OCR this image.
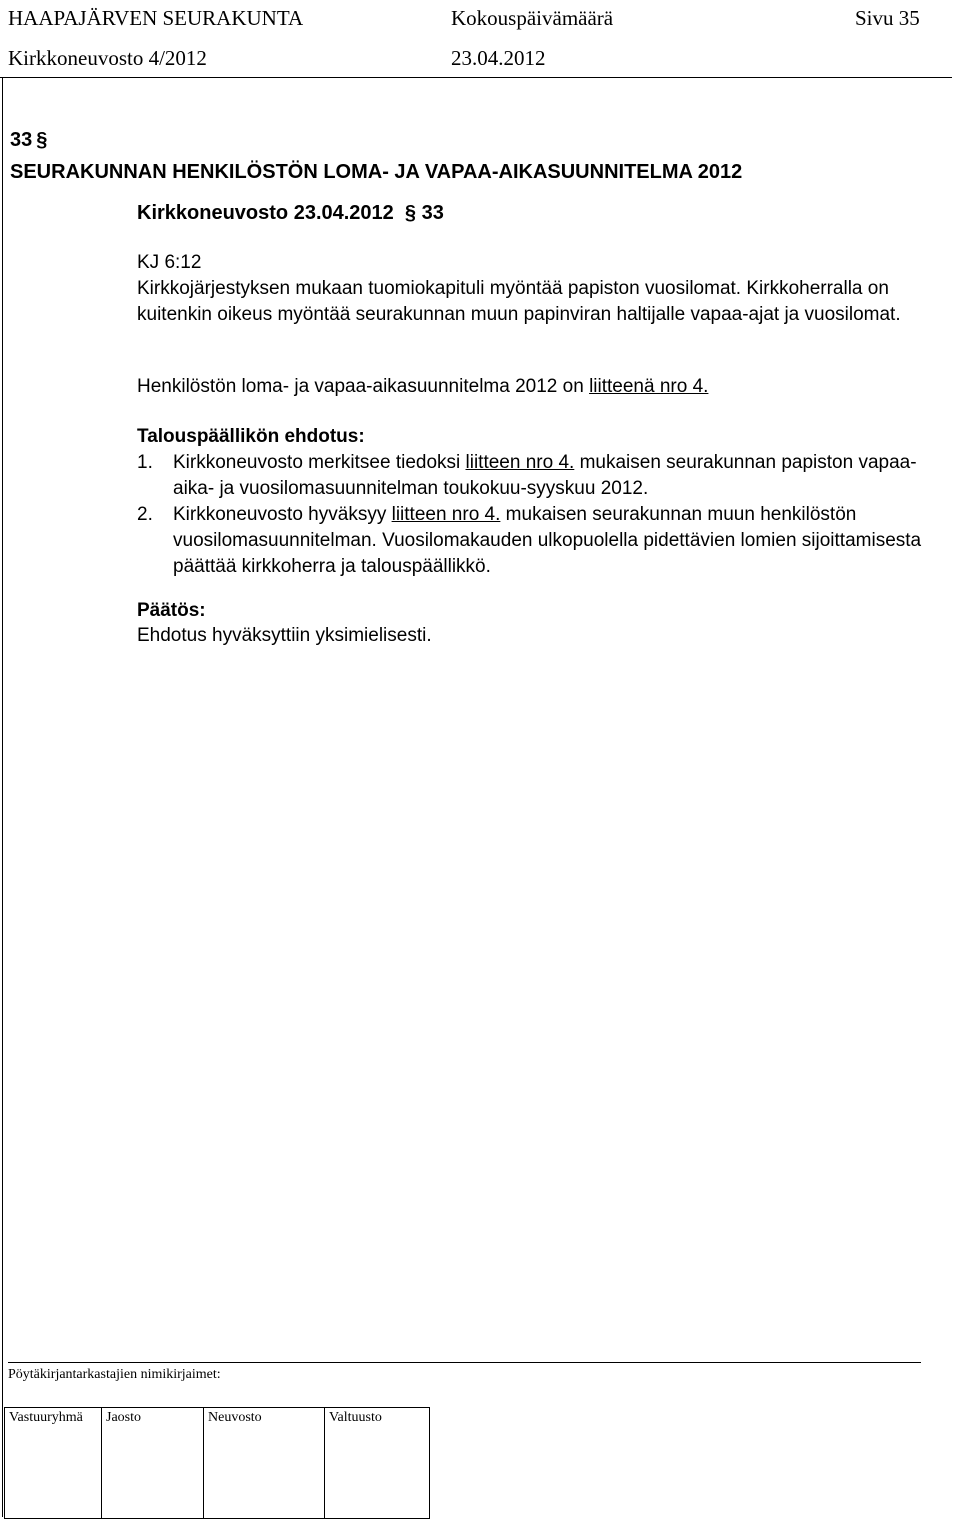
HAAPAJÄRVEN SEURAKUNTA	Kokouspäivämäärä	Sivu 35
Kirkkoneuvosto 4/2012	23.04.2012
33 §
SEURAKUNNAN HENKILÖSTÖN LOMA- JA VAPAA-AIKASUUNNITELMA 2012
Kirkkoneuvosto 23.04.2012 § 33

KJ 6:12

Kirkkojärjestyksen mukaan tuomiokapituli myöntää papiston vuosilomat. Kirkkoherralla on kuitenkin oikeus myöntää seurakunnan muun papinviran haltijalle vapaa-ajat ja vuosilomat.

Henkilöstön loma- ja vapaa-aikasuunnitelma 2012 on liitteenä nro 4.
Talouspäällikön ehdotus:
1. Kirkkoneuvosto merkitsee tiedoksi liitteen nro 4. mukaisen seurakunnan papiston vapaa-aika- ja vuosilomasuunnitelman toukokuu-syyskuu 2012.
2. Kirkkoneuvosto hyväksyy liitteen nro 4. mukaisen seurakunnan muun henkilöstön vuosilomasuunnitelman. Vuosilomakauden ulkopuolella pidettävien lomien sijoittamisesta päättää kirkkoherra ja talouspäällikkö.
Päätös:
Ehdotus hyväksyttiin yksimielisesti.
Pöytäkirjantarkastajien nimikirjaimet:
Vastuuryhmä	Jaosto	Neuvosto	Valtuusto
